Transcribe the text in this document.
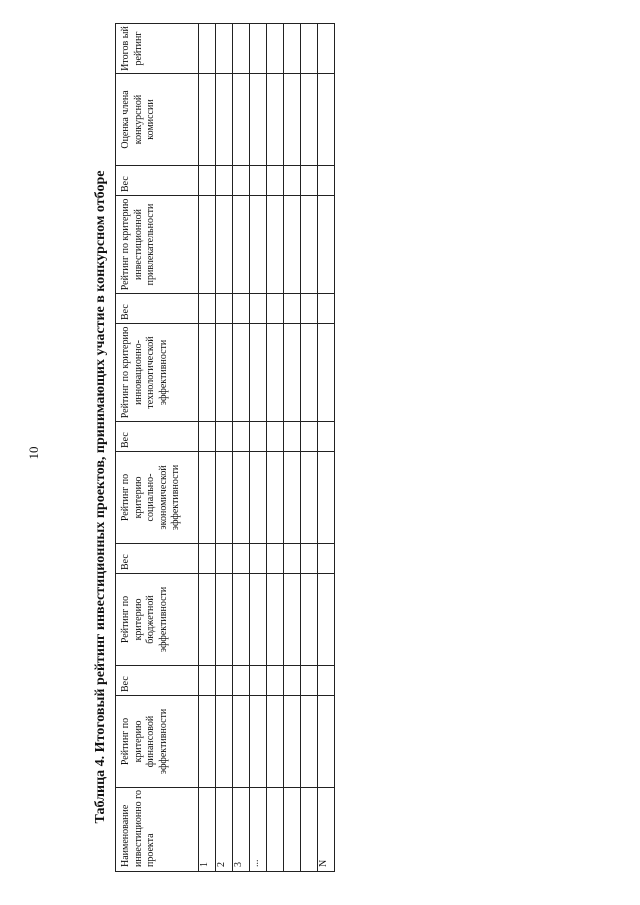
10	Таблица 4. Итоговый рейтинг инвестиционных проектов, принимающих участие в конкурсном отборе
Наименование инвестиционно го проекта	Рейтинг по критерию финансовой эффективности	Вес	Рейтинг по критерию бюджетной эффективности	Вес	Рейтинг по критерию социально-экономической эффективности	Вес	Рейтинг по критерию инновационно-технологической эффективности	Вес	Рейтинг по критерию инвестиционной привлекательности	Вес	Оценка члена конкурсной комиссии	Итогов ый рейтинг
1												
2												
3												
...												

N												
